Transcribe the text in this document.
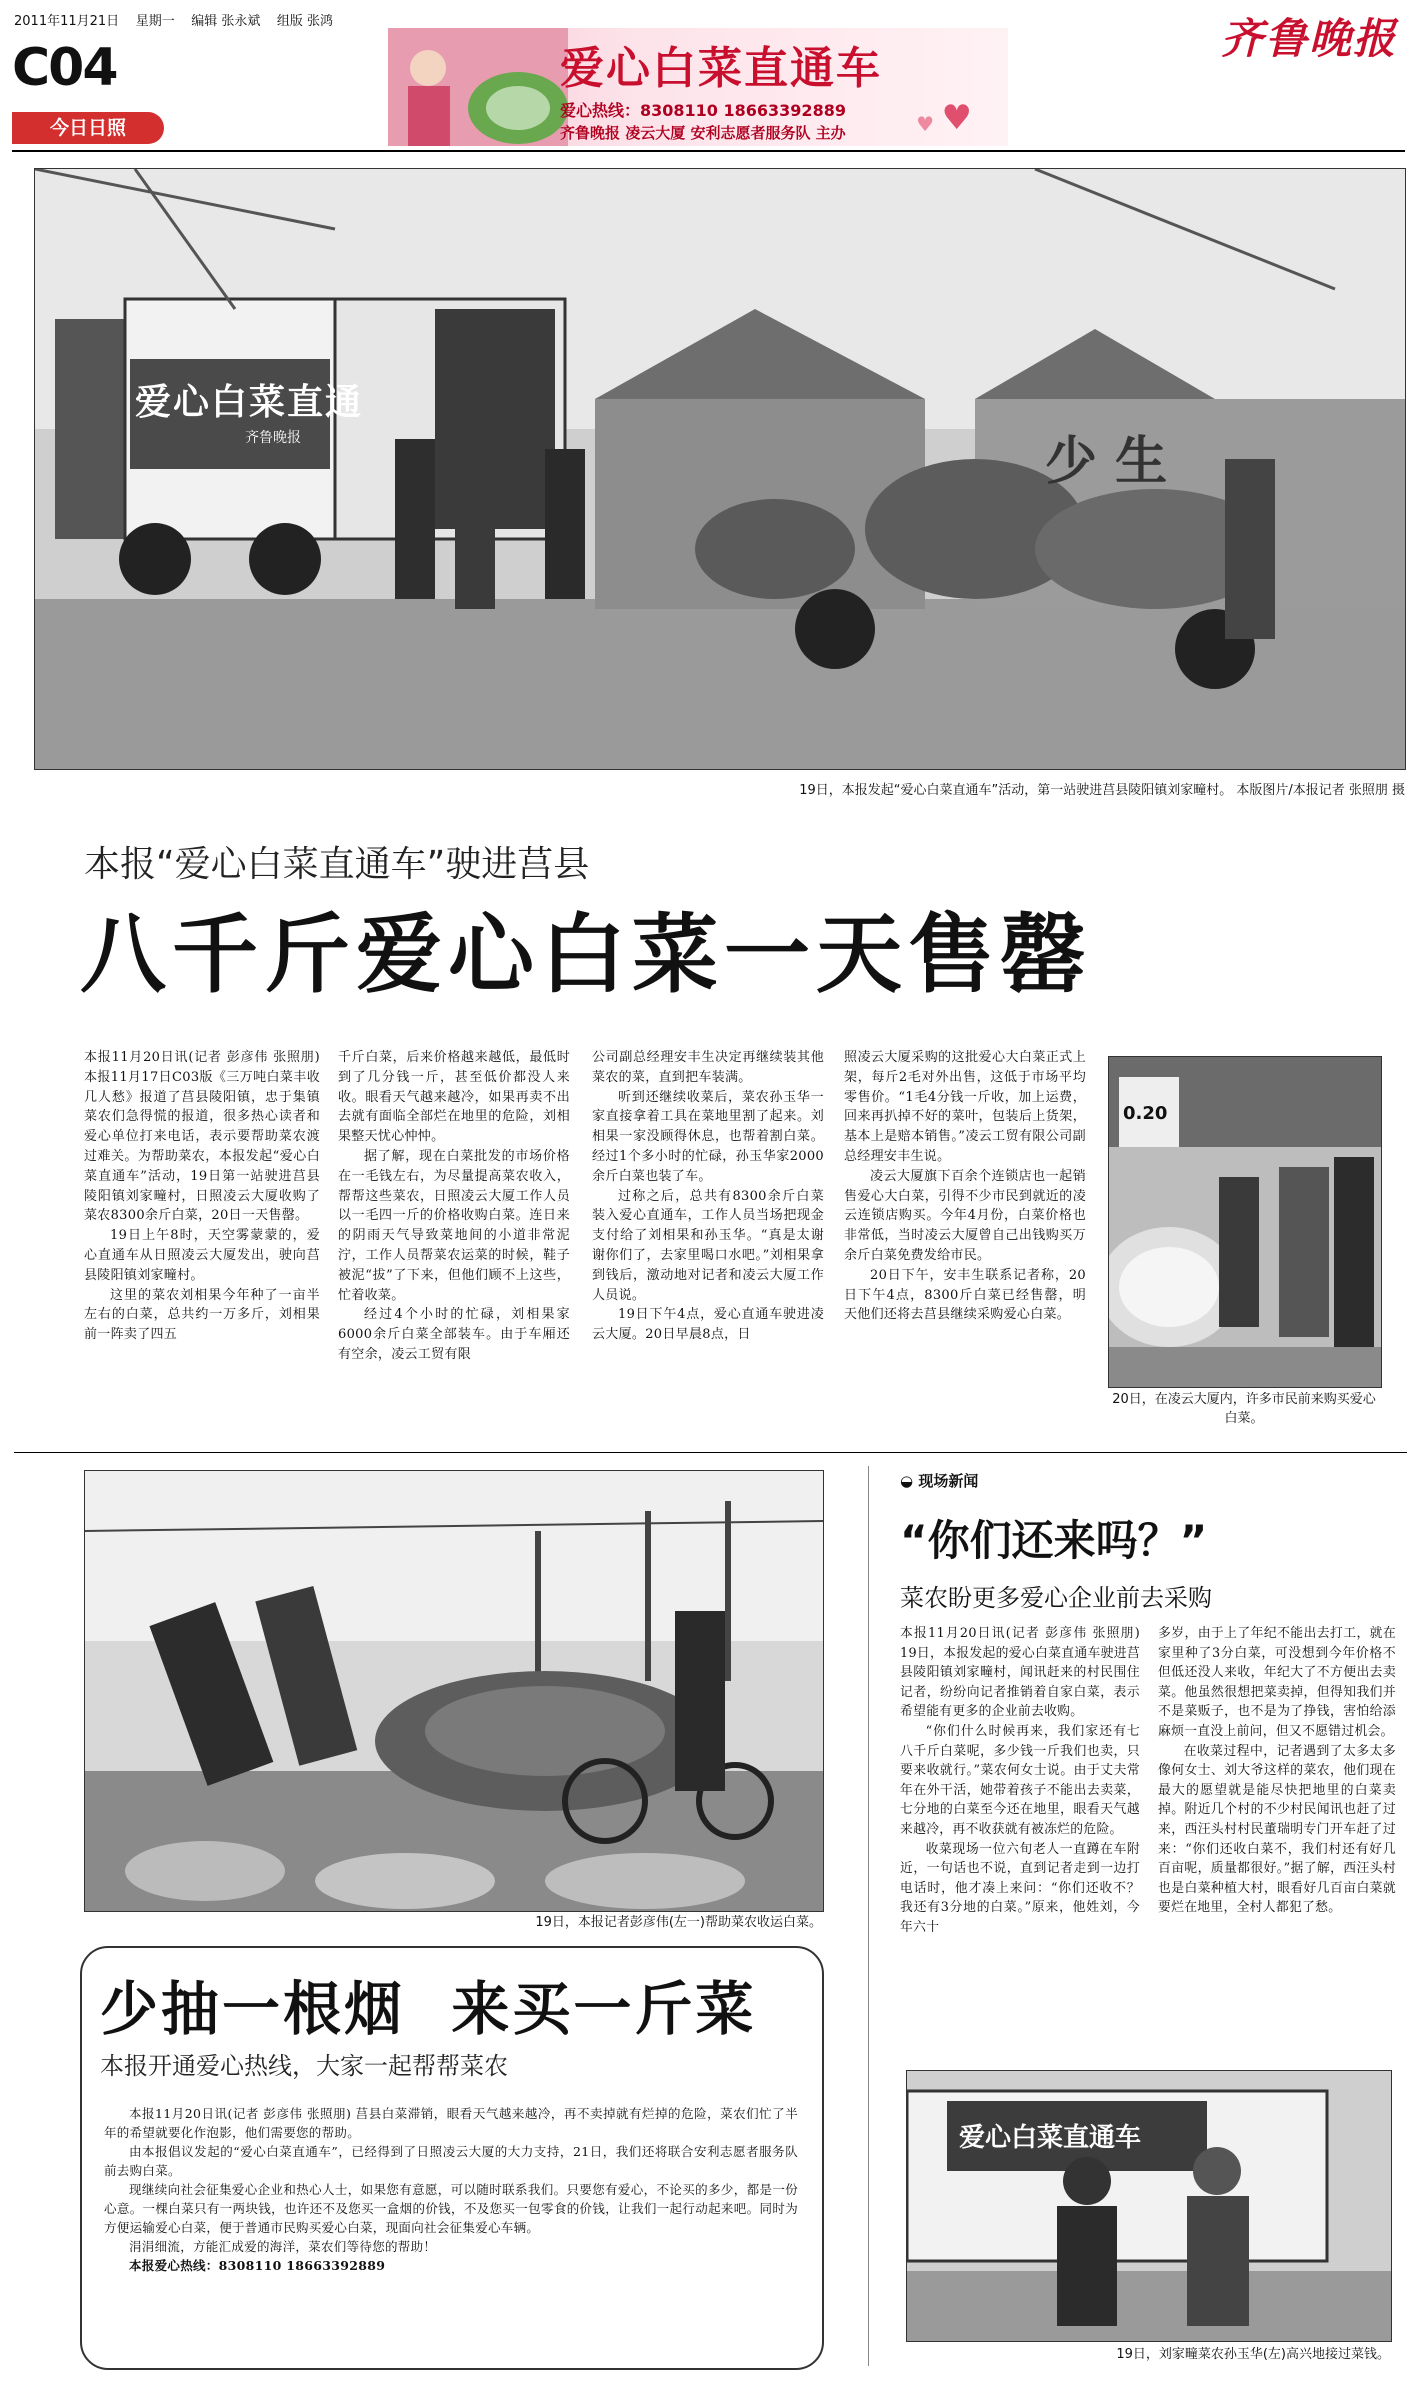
2011年11月21日 星期一 编辑 张永斌 组版 张鸿	齐鲁晚报
C04
今日日照
爱心白菜直通车
爱心热线：8308110 18663392889
齐鲁晚报 凌云大厦 安利志愿者服务队 主办	♥
♥
爱心白菜直通
齐鲁晚报	少 生
19日，本报发起“爱心白菜直通车”活动，第一站驶进莒县陵阳镇刘家疃村。 本版图片/本报记者 张照朋 摄
本报“爱心白菜直通车”驶进莒县
八千斤爱心白菜一天售罄

本报11月20日讯(记者 彭彦伟 张照朋) 本报11月17日C03版《三万吨白菜丰收几人愁》报道了莒县陵阳镇，忠于集镇菜农们急得慌的报道，很多热心读者和爱心单位打来电话，表示要帮助菜农渡过难关。为帮助菜农，本报发起“爱心白菜直通车”活动，19日第一站驶进莒县陵阳镇刘家疃村，日照凌云大厦收购了菜农8300余斤白菜，20日一天售罄。

19日上午8时，天空雾蒙蒙的，爱心直通车从日照凌云大厦发出，驶向莒县陵阳镇刘家疃村。

这里的菜农刘相果今年种了一亩半左右的白菜，总共约一万多斤，刘相果前一阵卖了四五

千斤白菜，后来价格越来越低，最低时到了几分钱一斤，甚至低价都没人来收。眼看天气越来越冷，如果再卖不出去就有面临全部烂在地里的危险，刘相果整天忧心忡忡。

据了解，现在白菜批发的市场价格在一毛钱左右，为尽量提高菜农收入，帮帮这些菜农，日照凌云大厦工作人员以一毛四一斤的价格收购白菜。连日来的阴雨天气导致菜地间的小道非常泥泞，工作人员帮菜农运菜的时候，鞋子被泥“拔”了下来，但他们顾不上这些，忙着收菜。

经过4个小时的忙碌，刘相果家6000余斤白菜全部装车。由于车厢还有空余，凌云工贸有限

公司副总经理安丰生决定再继续装其他菜农的菜，直到把车装满。

听到还继续收菜后，菜农孙玉华一家直接拿着工具在菜地里割了起来。刘相果一家没顾得休息，也帮着割白菜。经过1个多小时的忙碌，孙玉华家2000余斤白菜也装了车。

过称之后，总共有8300余斤白菜装入爱心直通车，工作人员当场把现金支付给了刘相果和孙玉华。“真是太谢谢你们了，去家里喝口水吧。”刘相果拿到钱后，激动地对记者和凌云大厦工作人员说。

19日下午4点，爱心直通车驶进凌云大厦。20日早晨8点，日

照凌云大厦采购的这批爱心大白菜正式上架，每斤2毛对外出售，这低于市场平均零售价。“1毛4分钱一斤收，加上运费，回来再扒掉不好的菜叶，包装后上货架，基本上是赔本销售。”凌云工贸有限公司副总经理安丰生说。

凌云大厦旗下百余个连锁店也一起销售爱心大白菜，引得不少市民到就近的凌云连锁店购买。今年4月份，白菜价格也非常低，当时凌云大厦曾自己出钱购买万余斤白菜免费发给市民。

20日下午，安丰生联系记者称，20日下午4点，8300斤白菜已经售罄，明天他们还将去莒县继续采购爱心白菜。

0.20
20日，在凌云大厦内，许多市民前来购买爱心白菜。
19日，本报记者彭彦伟(左一)帮助菜农收运白菜。
少抽一根烟  来买一斤菜
本报开通爱心热线，大家一起帮帮菜农

本报11月20日讯(记者 彭彦伟 张照朋) 莒县白菜滞销，眼看天气越来越冷，再不卖掉就有烂掉的危险，菜农们忙了半年的希望就要化作泡影，他们需要您的帮助。

由本报倡议发起的“爱心白菜直通车”，已经得到了日照凌云大厦的大力支持，21日，我们还将联合安利志愿者服务队前去购白菜。

现继续向社会征集爱心企业和热心人士，如果您有意愿，可以随时联系我们。只要您有爱心，不论买的多少，都是一份心意。一棵白菜只有一两块钱，也许还不及您买一盒烟的价钱，不及您买一包零食的价钱，让我们一起行动起来吧。同时为方便运输爱心白菜，便于普通市民购买爱心白菜，现面向社会征集爱心车辆。

涓涓细流，方能汇成爱的海洋，菜农们等待您的帮助！

本报爱心热线：8308110 18663392889

◒ 现场新闻
“你们还来吗？”
菜农盼更多爱心企业前去采购

本报11月20日讯(记者 彭彦伟 张照朋) 19日，本报发起的爱心白菜直通车驶进莒县陵阳镇刘家疃村，闻讯赶来的村民围住记者，纷纷向记者推销着自家白菜，表示希望能有更多的企业前去收购。

“你们什么时候再来，我们家还有七八千斤白菜呢，多少钱一斤我们也卖，只要来收就行。”菜农何女士说。由于丈夫常年在外干活，她带着孩子不能出去卖菜，七分地的白菜至今还在地里，眼看天气越来越冷，再不收获就有被冻烂的危险。

收菜现场一位六旬老人一直蹲在车附近，一句话也不说，直到记者走到一边打电话时，他才凑上来问：“你们还收不？我还有3分地的白菜。”原来，他姓刘，今年六十

多岁，由于上了年纪不能出去打工，就在家里种了3分白菜，可没想到今年价格不但低还没人来收，年纪大了不方便出去卖菜。他虽然很想把菜卖掉，但得知我们并不是菜贩子，也不是为了挣钱，害怕给添麻烦一直没上前问，但又不愿错过机会。

在收菜过程中，记者遇到了太多太多像何女士、刘大爷这样的菜农，他们现在最大的愿望就是能尽快把地里的白菜卖掉。附近几个村的不少村民闻讯也赶了过来，西汪头村村民董瑞明专门开车赶了过来：“你们还收白菜不，我们村还有好几百亩呢，质量都很好。”据了解，西汪头村也是白菜种植大村，眼看好几百亩白菜就要烂在地里，全村人都犯了愁。

爱心白菜直通车
19日，刘家疃菜农孙玉华(左)高兴地接过菜钱。
